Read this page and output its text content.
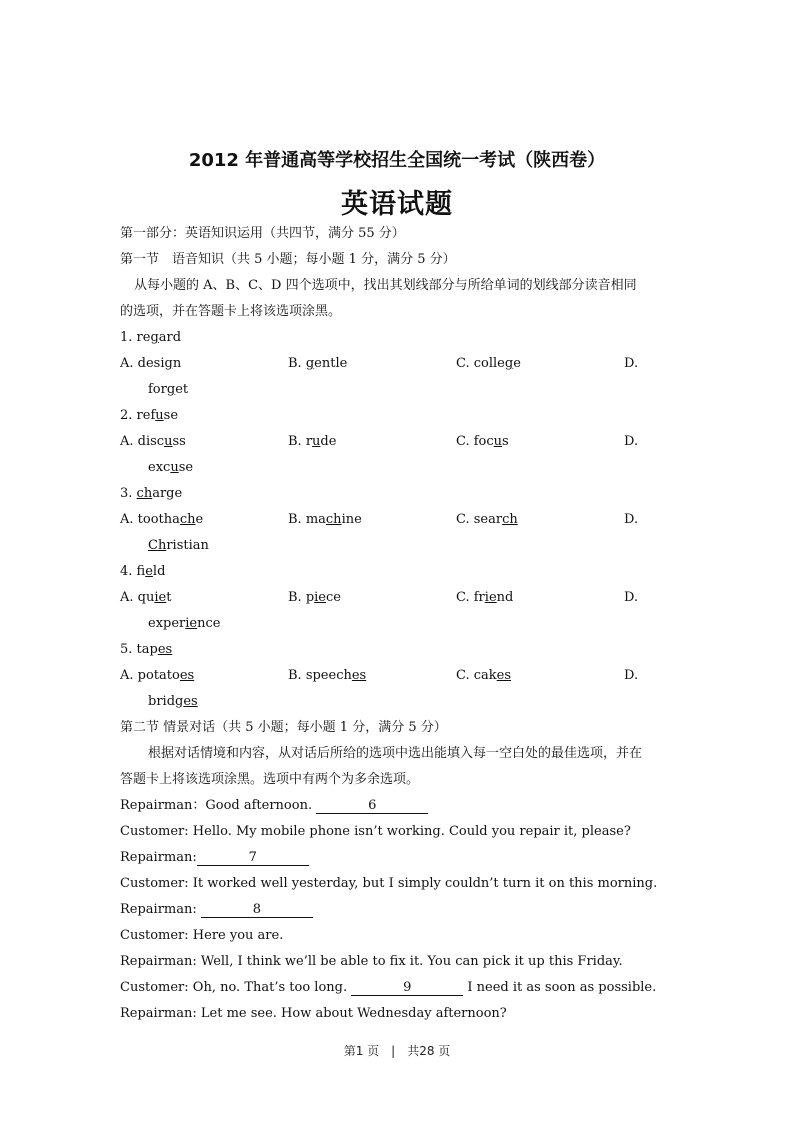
2012 年普通高等学校招生全国统一考试（陕西卷）
英语试题
第一部分：英语知识运用（共四节，满分 55 分）
第一节　语音知识（共 5 小题；每小题 1 分，满分 5 分）
从每小题的 A、B、C、D 四个选项中，找出其划线部分与所给单词的划线部分读音相同
的选项，并在答题卡上将该选项涂黑。
1. regard
A. design	B. gentle	C. college	D.
forget
2. refuse
A. discuss	B. rude	C. focus	D.
excuse
3. charge
A. toothache	B. machine	C. search	D.
Christian
4. field
A. quiet	B. piece	C. friend	D.
experience
5. tapes
A. potatoes	B. speeches	C. cakes	D.
bridges
第二节 情景对话（共 5 小题；每小题 1 分，满分 5 分）
根据对话情境和内容，从对话后所给的选项中选出能填入每一空白处的最佳选项，并在
答题卡上将该选项涂黑。选项中有两个为多余选项。
Repairman：Good afternoon.	6
Customer: Hello. My mobile phone isn’t working. Could you repair it, please?
Repairman:	7
Customer: It worked well yesterday, but I simply couldn’t turn it on this morning.
Repairman:	8
Customer: Here you are.
Repairman: Well, I think we’ll be able to fix it. You can pick it up this Friday.
Customer: Oh, no. That’s too long.	9	I need it as soon as possible.
Repairman: Let me see. How about Wednesday afternoon?
第1 页　|　共28 页
